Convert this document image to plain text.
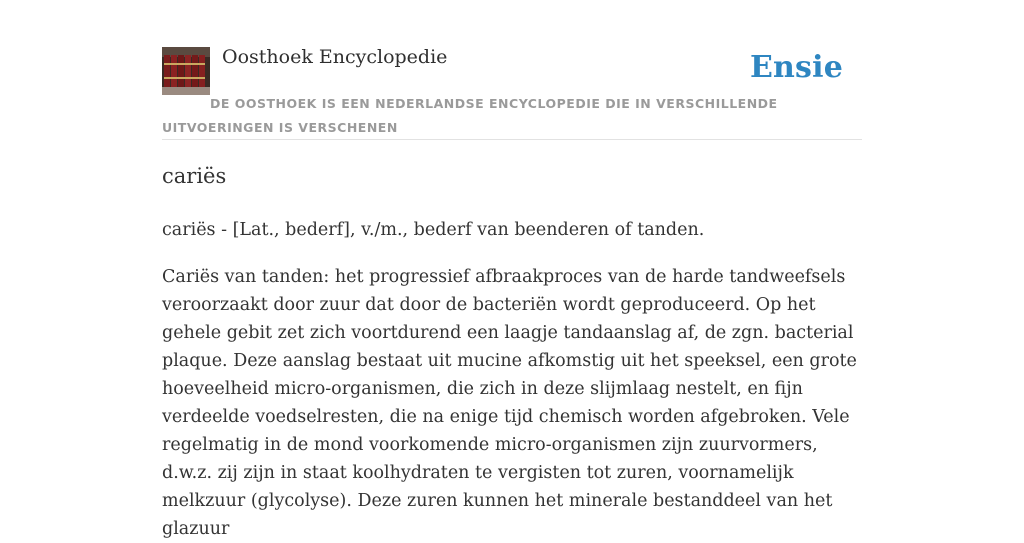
Oosthoek Encyclopedie	Ensie
DE OOSTHOEK IS EEN NEDERLANDSE ENCYCLOPEDIE DIE IN VERSCHILLENDE UITVOERINGEN IS VERSCHENEN
cariës

cariës - [Lat., bederf], v./m., bederf van beenderen of tanden.

Cariës van tanden: het progressief afbraakproces van de harde tandweefsels veroorzaakt door zuur dat door de bacteriën wordt geproduceerd. Op het gehele gebit zet zich voortdurend een laagje tandaanslag af, de zgn. bacterial plaque. Deze aanslag bestaat uit mucine afkomstig uit het speeksel, een grote hoeveelheid micro-organismen, die zich in deze slijmlaag nestelt, en fijn verdeelde voedselresten, die na enige tijd chemisch worden afgebroken. Vele regelmatig in de mond voorkomende micro-organismen zijn zuurvormers, d.w.z. zij zijn in staat koolhydraten te vergisten tot zuren, voornamelijk melkzuur (glycolyse). Deze zuren kunnen het minerale bestanddeel van het glazuur
